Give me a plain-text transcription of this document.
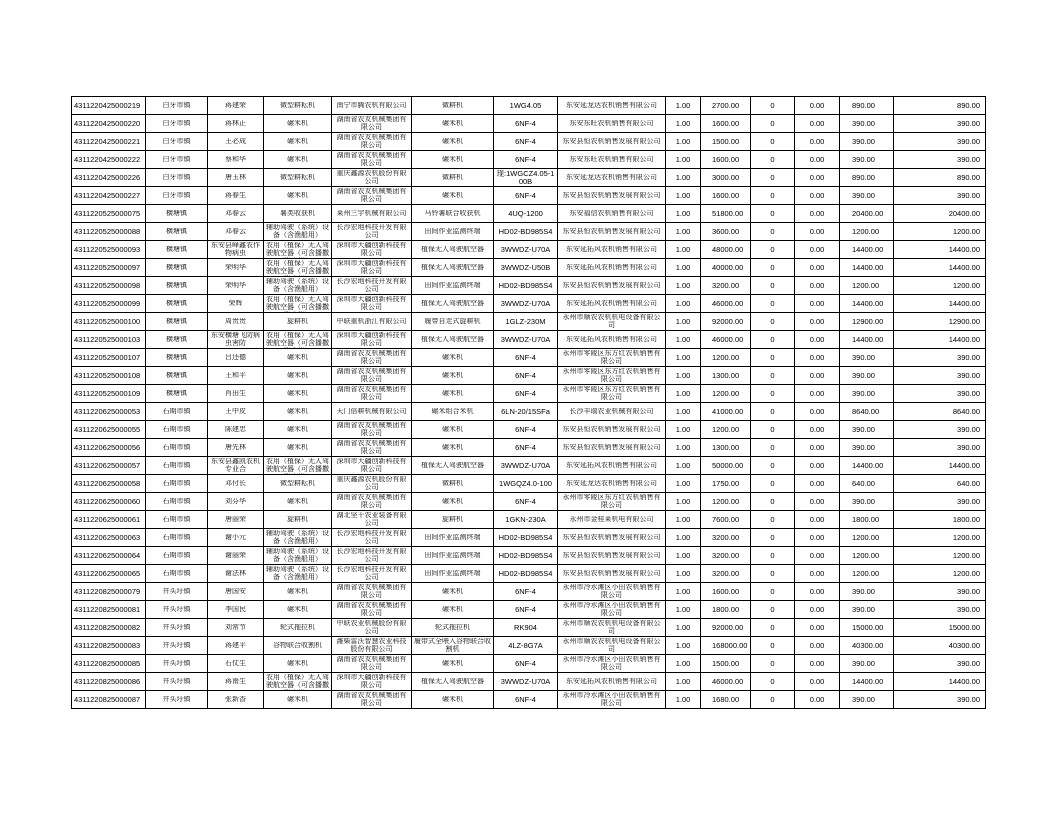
4311220425000219	白牙市镇	蒋建荣	微型耕耘机	南宁市腾农机有限公司	微耕机	1WG4.05	东安延龙达农机销售有限公司	1.00	2700.00	0	0.00	890.00	890.00

4311220425000220	白牙市镇	蒋林正	碾米机	湖南省农友机械集团有限公司	碾米机	6NF-4	东安东旺农机销售有限公司	1.00	1600.00	0	0.00	390.00	390.00

4311220425000221	白牙市镇	王必成	碾米机	湖南省农友机械集团有限公司	碾米机	6NF-4	东安县恒农机销售发展有限公司	1.00	1500.00	0	0.00	390.00	390.00

4311220425000222	白牙市镇	蔡和华	碾米机	湖南省农友机械集团有限公司	碾米机	6NF-4	东安东旺农机销售有限公司	1.00	1600.00	0	0.00	390.00	390.00

4311220425000226	白牙市镇	唐玉林	微型耕耘机	重庆鑫源农机股份有限公司	微耕机	现:1WGCZ4.05-100B	东安延龙达农机销售有限公司	1.00	3000.00	0	0.00	890.00	890.00

4311220425000227	白牙市镇	蒋春生	碾米机	湖南省农友机械集团有限公司	碾米机	6NF-4	东安县恒农机销售发展有限公司	1.00	1600.00	0	0.00	390.00	390.00

4311220525000075	横塘镇	邓春云	薯类收获机	莱州三宇机械有限公司	马铃薯联合收获机	4UQ-1200	东安福信农机销售有限公司	1.00	51800.00	0	0.00	20400.00	20400.00

4311220525000088	横塘镇	邓春云	辅助驾驶（系统）设备（含渔船用）	长沙宏地科技开发有限公司	田间作业监测终端	HD02-BD985S4	东安县恒农机销售发展有限公司	1.00	3600.00	0	0.00	1200.00	1200.00

4311220525000093	横塘镇	东安县峰鑫农作物病虫	农用（植保）无人驾驶航空器（可含播撒	深圳市大疆创新科技有限公司	植保无人驾驶航空器	3WWDZ-U70A	东安延拓风农机销售有限公司	1.00	48000.00	0	0.00	14400.00	14400.00

4311220525000097	横塘镇	荣明华	农用（植保）无人驾驶航空器（可含播撒	深圳市大疆创新科技有限公司	植保无人驾驶航空器	3WWDZ-U50B	东安延拓风农机销售有限公司	1.00	40000.00	0	0.00	14400.00	14400.00

4311220525000098	横塘镇	荣明华	辅助驾驶（系统）设备（含渔船用）	长沙宏地科技开发有限公司	田间作业监测终端	HD02-BD985S4	东安县恒农机销售发展有限公司	1.00	3200.00	0	0.00	1200.00	1200.00

4311220525000099	横塘镇	荣辉	农用（植保）无人驾驶航空器（可含播撒	深圳市大疆创新科技有限公司	植保无人驾驶航空器	3WWDZ-U70A	东安延拓风农机销售有限公司	1.00	46000.00	0	0.00	14400.00	14400.00

4311220525000100	横塘镇	周贵贵	旋耕机	中联重机浙江有限公司	履带自走式旋耕机	1GLZ-230M	永州市顺农农机机电设备有限公司	1.00	92000.00	0	0.00	12900.00	12900.00

4311220525000103	横塘镇	东安横塘飞防病虫害防	农用（植保）无人驾驶航空器（可含播撒	深圳市大疆创新科技有限公司	植保无人驾驶航空器	3WWDZ-U70A	东安延拓风农机销售有限公司	1.00	46000.00	0	0.00	14400.00	14400.00

4311220525000107	横塘镇	吕还德	碾米机	湖南省农友机械集团有限公司	碾米机	6NF-4	永州市零陵区东方红农机销售有限公司	1.00	1200.00	0	0.00	390.00	390.00

4311220525000108	横塘镇	王和平	碾米机	湖南省农友机械集团有限公司	碾米机	6NF-4	永州市零陵区东方红农机销售有限公司	1.00	1300.00	0	0.00	390.00	390.00

4311220525000109	横塘镇	肖田生	碾米机	湖南省农友机械集团有限公司	碾米机	6NF-4	永州市零陵区东方红农机销售有限公司	1.00	1200.00	0	0.00	390.00	390.00

4311220625000053	石期市镇	王中皮	碾米机	天门倍耕机械有限公司	碾米组合米机	6LN-20/15SFa	长沙丰瑞农业机械有限公司	1.00	41000.00	0	0.00	8640.00	8640.00

4311220625000055	石期市镇	陈建忠	碾米机	湖南省农友机械集团有限公司	碾米机	6NF-4	东安县恒农机销售发展有限公司	1.00	1200.00	0	0.00	390.00	390.00

4311220625000056	石期市镇	唐先林	碾米机	湖南省农友机械集团有限公司	碾米机	6NF-4	东安县恒农机销售发展有限公司	1.00	1300.00	0	0.00	390.00	390.00

4311220625000057	石期市镇	东安县鑫凯农机专业合	农用（植保）无人驾驶航空器（可含播撒	深圳市大疆创新科技有限公司	植保无人驾驶航空器	3WWDZ-U70A	东安延拓风农机销售有限公司	1.00	50000.00	0	0.00	14400.00	14400.00

4311220625000058	石期市镇	邓付长	微型耕耘机	重庆鑫源农机股份有限公司	微耕机	1WGQZ4.0-100	东安延龙达农机销售有限公司	1.00	1750.00	0	0.00	640.00	640.00

4311220625000060	石期市镇	刘芬华	碾米机	湖南省农友机械集团有限公司	碾米机	6NF-4	永州市零陵区东方红农机销售有限公司	1.00	1200.00	0	0.00	390.00	390.00

4311220625000061	石期市镇	唐丽荣	旋耕机	湖北坚千农业装备有限公司	旋耕机	1GKN-230A	永州市金桂莱机电有限公司	1.00	7600.00	0	0.00	1800.00	1800.00

4311220625000063	石期市镇	谢小元	辅助驾驶（系统）设备（含渔船用）	长沙宏地科技开发有限公司	田间作业监测终端	HD02-BD985S4	东安县恒农机销售发展有限公司	1.00	3200.00	0	0.00	1200.00	1200.00

4311220625000064	石期市镇	谢丽荣	辅助驾驶（系统）设备（含渔船用）	长沙宏地科技开发有限公司	田间作业监测终端	HD02-BD985S4	东安县恒农机销售发展有限公司	1.00	3200.00	0	0.00	1200.00	1200.00

4311220625000065	石期市镇	谢法林	辅助驾驶（系统）设备（含渔船用）	长沙宏地科技开发有限公司	田间作业监测终端	HD02-BD985S4	东安县恒农机销售发展有限公司	1.00	3200.00	0	0.00	1200.00	1200.00

4311220825000079	井头圩镇	唐国安	碾米机	湖南省农友机械集团有限公司	碾米机	6NF-4	永州市冷水滩区小田农机销售有限公司	1.00	1600.00	0	0.00	390.00	390.00

4311220825000081	井头圩镇	李国民	碾米机	湖南省农友机械集团有限公司	碾米机	6NF-4	永州市冷水滩区小田农机销售有限公司	1.00	1800.00	0	0.00	390.00	390.00

4311220825000082	井头圩镇	刘常节	轮式拖拉机	中联农业机械股份有限公司	轮式拖拉机	RK904	永州市顺农农机机电设备有限公司	1.00	92000.00	0	0.00	15000.00	15000.00

4311220825000083	井头圩镇	蒋建平	谷物联合收割机	潍柴雷沃智慧农业科技股份有限公司	履带式全喂入谷物联合收割机	4LZ-8G7A	永州市顺农农机机电设备有限公司	1.00	168000.00	0	0.00	40300.00	40300.00

4311220825000085	井头圩镇	石仗生	碾米机	湖南省农友机械集团有限公司	碾米机	6NF-4	永州市冷水滩区小田农机销售有限公司	1.00	1500.00	0	0.00	390.00	390.00

4311220825000086	井头圩镇	蒋南生	农用（植保）无人驾驶航空器（可含播撒	深圳市大疆创新科技有限公司	植保无人驾驶航空器	3WWDZ-U70A	东安延拓风农机销售有限公司	1.00	46000.00	0	0.00	14400.00	14400.00

4311220825000087	井头圩镇	张新香	碾米机	湖南省农友机械集团有限公司	碾米机	6NF-4	永州市冷水滩区小田农机销售有限公司	1.00	1680.00	0	0.00	390.00	390.00
